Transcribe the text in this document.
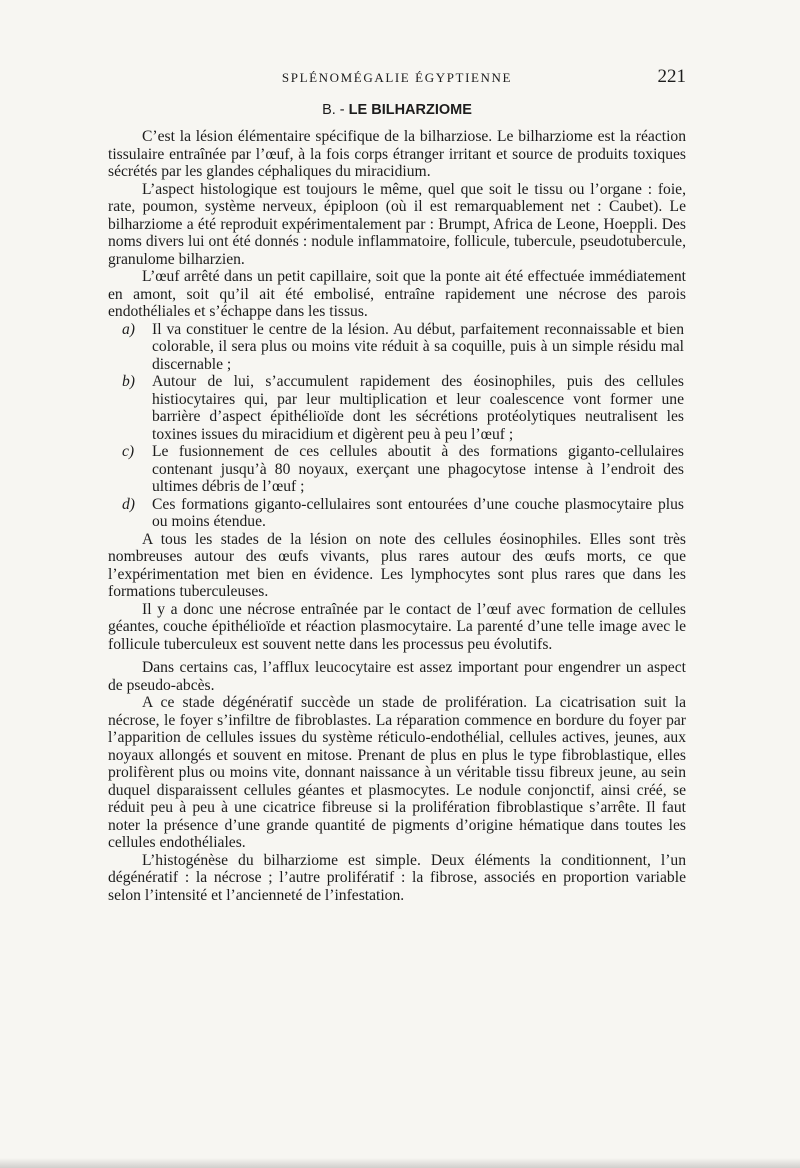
SPLÉNOMÉGALIE ÉGYPTIENNE	221
B. - LE BILHARZIOME

C’est la lésion élémentaire spécifique de la bilharziose. Le bilharziome est la réaction tissulaire entraînée par l’œuf, à la fois corps étranger irritant et source de produits toxiques sécrétés par les glandes céphaliques du miracidium.

L’aspect histologique est toujours le même, quel que soit le tissu ou l’organe : foie, rate, poumon, système nerveux, épiploon (où il est remarquablement net : Caubet). Le bilharziome a été reproduit expérimentalement par : Brumpt, Africa de Leone, Hoeppli. Des noms divers lui ont été donnés : nodule inflammatoire, follicule, tubercule, pseudotubercule, granulome bilharzien.

L’œuf arrêté dans un petit capillaire, soit que la ponte ait été effectuée immédiatement en amont, soit qu’il ait été embolisé, entraîne rapidement une nécrose des parois endothéliales et s’échappe dans les tissus.

a) Il va constituer le centre de la lésion. Au début, parfaitement reconnaissable et bien colorable, il sera plus ou moins vite réduit à sa coquille, puis à un simple résidu mal discernable ;
b) Autour de lui, s’accumulent rapidement des éosinophiles, puis des cellules histiocytaires qui, par leur multiplication et leur coalescence vont former une barrière d’aspect épithélioïde dont les sécrétions protéolytiques neutralisent les toxines issues du miracidium et digèrent peu à peu l’œuf ;
c) Le fusionnement de ces cellules aboutit à des formations giganto-cellulaires contenant jusqu’à 80 noyaux, exerçant une phagocytose intense à l’endroit des ultimes débris de l’œuf ;
d) Ces formations giganto-cellulaires sont entourées d’une couche plasmocytaire plus ou moins étendue.

A tous les stades de la lésion on note des cellules éosinophiles. Elles sont très nombreuses autour des œufs vivants, plus rares autour des œufs morts, ce que l’expérimentation met bien en évidence. Les lymphocytes sont plus rares que dans les formations tuberculeuses.

Il y a donc une nécrose entraînée par le contact de l’œuf avec formation de cellules géantes, couche épithélioïde et réaction plasmocytaire. La parenté d’une telle image avec le follicule tuberculeux est souvent nette dans les processus peu évolutifs.

Dans certains cas, l’afflux leucocytaire est assez important pour engendrer un aspect de pseudo-abcès.

A ce stade dégénératif succède un stade de prolifération. La cicatrisation suit la nécrose, le foyer s’infiltre de fibroblastes. La réparation commence en bordure du foyer par l’apparition de cellules issues du système réticulo-endothélial, cellules actives, jeunes, aux noyaux allongés et souvent en mitose. Prenant de plus en plus le type fibroblastique, elles prolifèrent plus ou moins vite, donnant naissance à un véritable tissu fibreux jeune, au sein duquel disparaissent cellules géantes et plasmocytes. Le nodule conjonctif, ainsi créé, se réduit peu à peu à une cicatrice fibreuse si la prolifération fibroblastique s’arrête. Il faut noter la présence d’une grande quantité de pigments d’origine hématique dans toutes les cellules endothéliales.

L’histogénèse du bilharziome est simple. Deux éléments la conditionnent, l’un dégénératif : la nécrose ; l’autre prolifératif : la fibrose, associés en proportion variable selon l’intensité et l’ancienneté de l’infestation.
